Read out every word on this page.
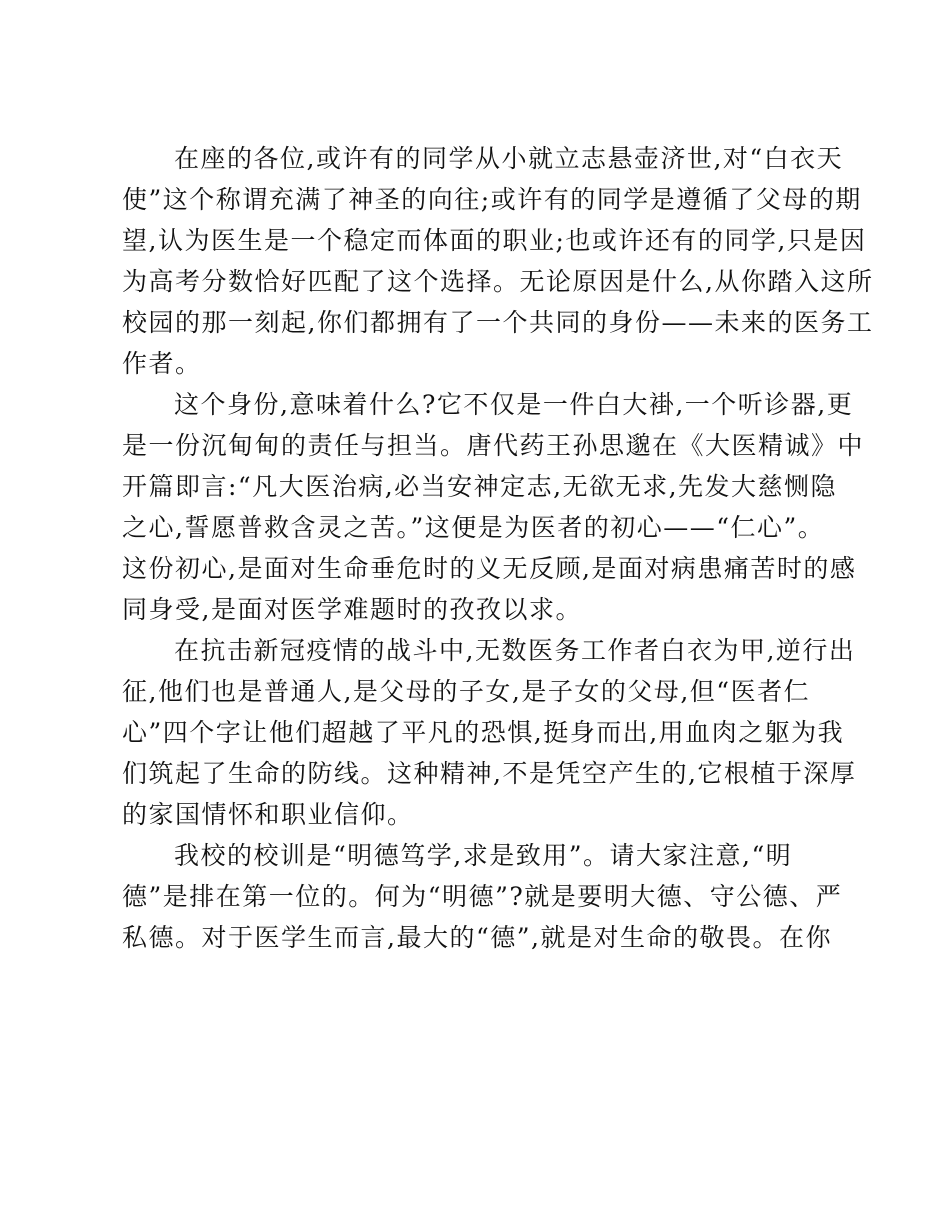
在座的各位,或许有的同学从小就立志悬壶济世,对“白衣天
使”这个称谓充满了神圣的向往;或许有的同学是遵循了父母的期
望,认为医生是一个稳定而体面的职业;也或许还有的同学,只是因
为高考分数恰好匹配了这个选择。无论原因是什么,从你踏入这所
校园的那一刻起,你们都拥有了一个共同的身份——未来的医务工
作者。

这个身份,意味着什么?它不仅是一件白大褂,一个听诊器,更
是一份沉甸甸的责任与担当。唐代药王孙思邈在《大医精诚》中
开篇即言:“凡大医治病,必当安神定志,无欲无求,先发大慈恻隐
之心,誓愿普救含灵之苦。”这便是为医者的初心——“仁心”。
这份初心,是面对生命垂危时的义无反顾,是面对病患痛苦时的感
同身受,是面对医学难题时的孜孜以求。

在抗击新冠疫情的战斗中,无数医务工作者白衣为甲,逆行出
征,他们也是普通人,是父母的子女,是子女的父母,但“医者仁
心”四个字让他们超越了平凡的恐惧,挺身而出,用血肉之躯为我
们筑起了生命的防线。这种精神,不是凭空产生的,它根植于深厚
的家国情怀和职业信仰。

我校的校训是“明德笃学,求是致用”。请大家注意,“明
德”是排在第一位的。何为“明德”?就是要明大德、守公德、严
私德。对于医学生而言,最大的“德”,就是对生命的敬畏。在你
